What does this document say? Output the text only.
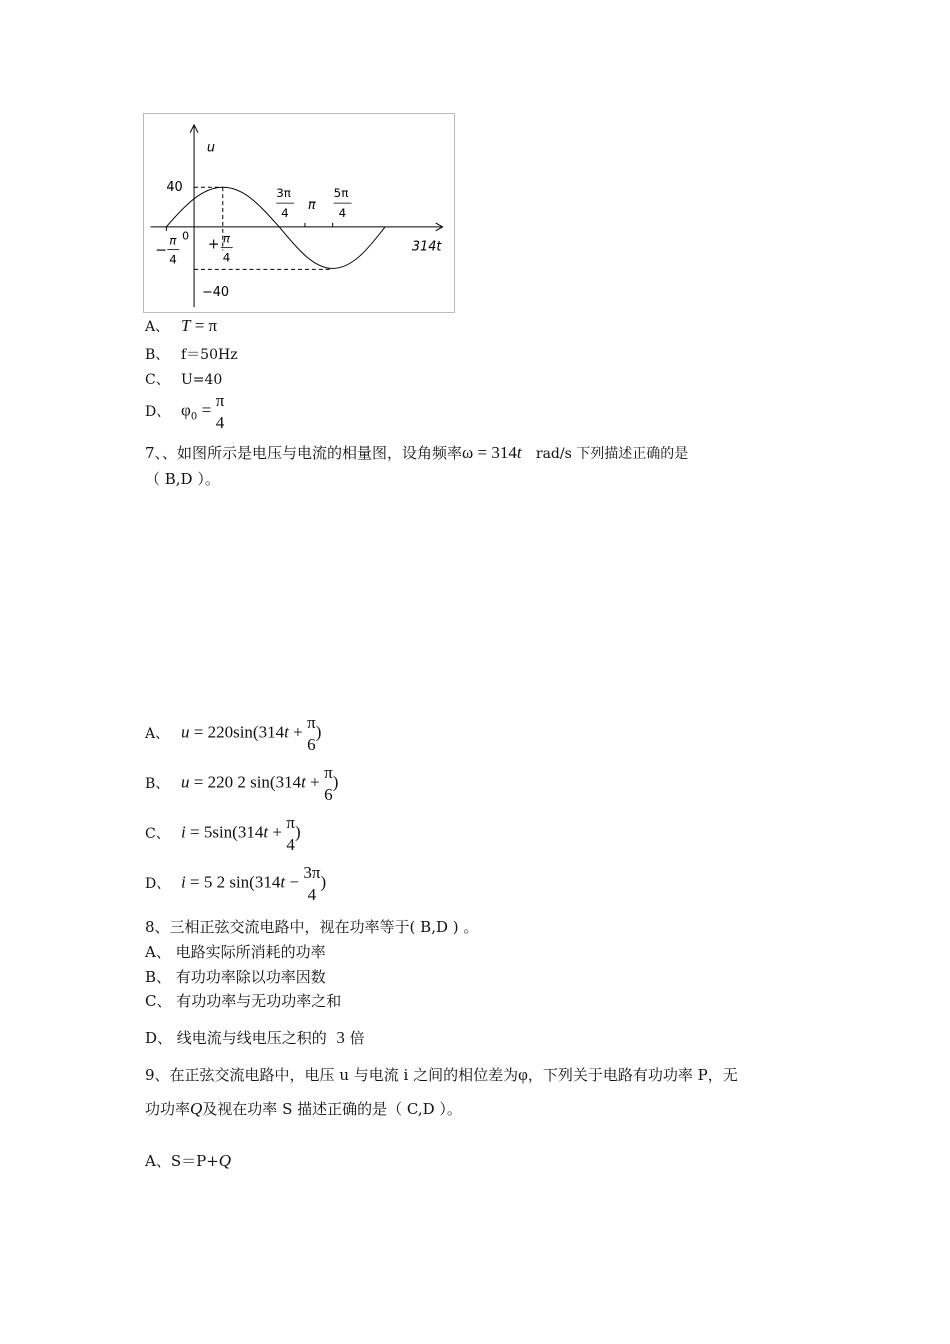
u
40
−40
0
314t
3π
4 π
5π
4
−
π
4
+ π
4
A、 T = π
B、 f＝50Hz
C、 U=40
D、 $\varphi_0 = \pi$
4
7、、如图所示是电压与电流的相量图，设角频率ω = 314t rad/s 下列描述正确的是
（ B,D ）。
A、 u = 220sin(314t + π
6
)
B、 u = 220 2 sin(314t + π
6
)
C、 i = 5sin(314t + π
4
)
D、 i = 5 2 sin(314t − 3π
4
)
8、三相正弦交流电路中，视在功率等于( B,D ) 。
A、 电路实际所消耗的功率
B、 有功功率除以功率因数
C、 有功功率与无功功率之和
D、 线电流与线电压之积的 3 倍
9、在正弦交流电路中，电压 u 与电流 i 之间的相位差为φ，下列关于电路有功功率 P，无
功功率Q及视在功率 S 描述正确的是（ C,D ）。
A、S＝P+Q
